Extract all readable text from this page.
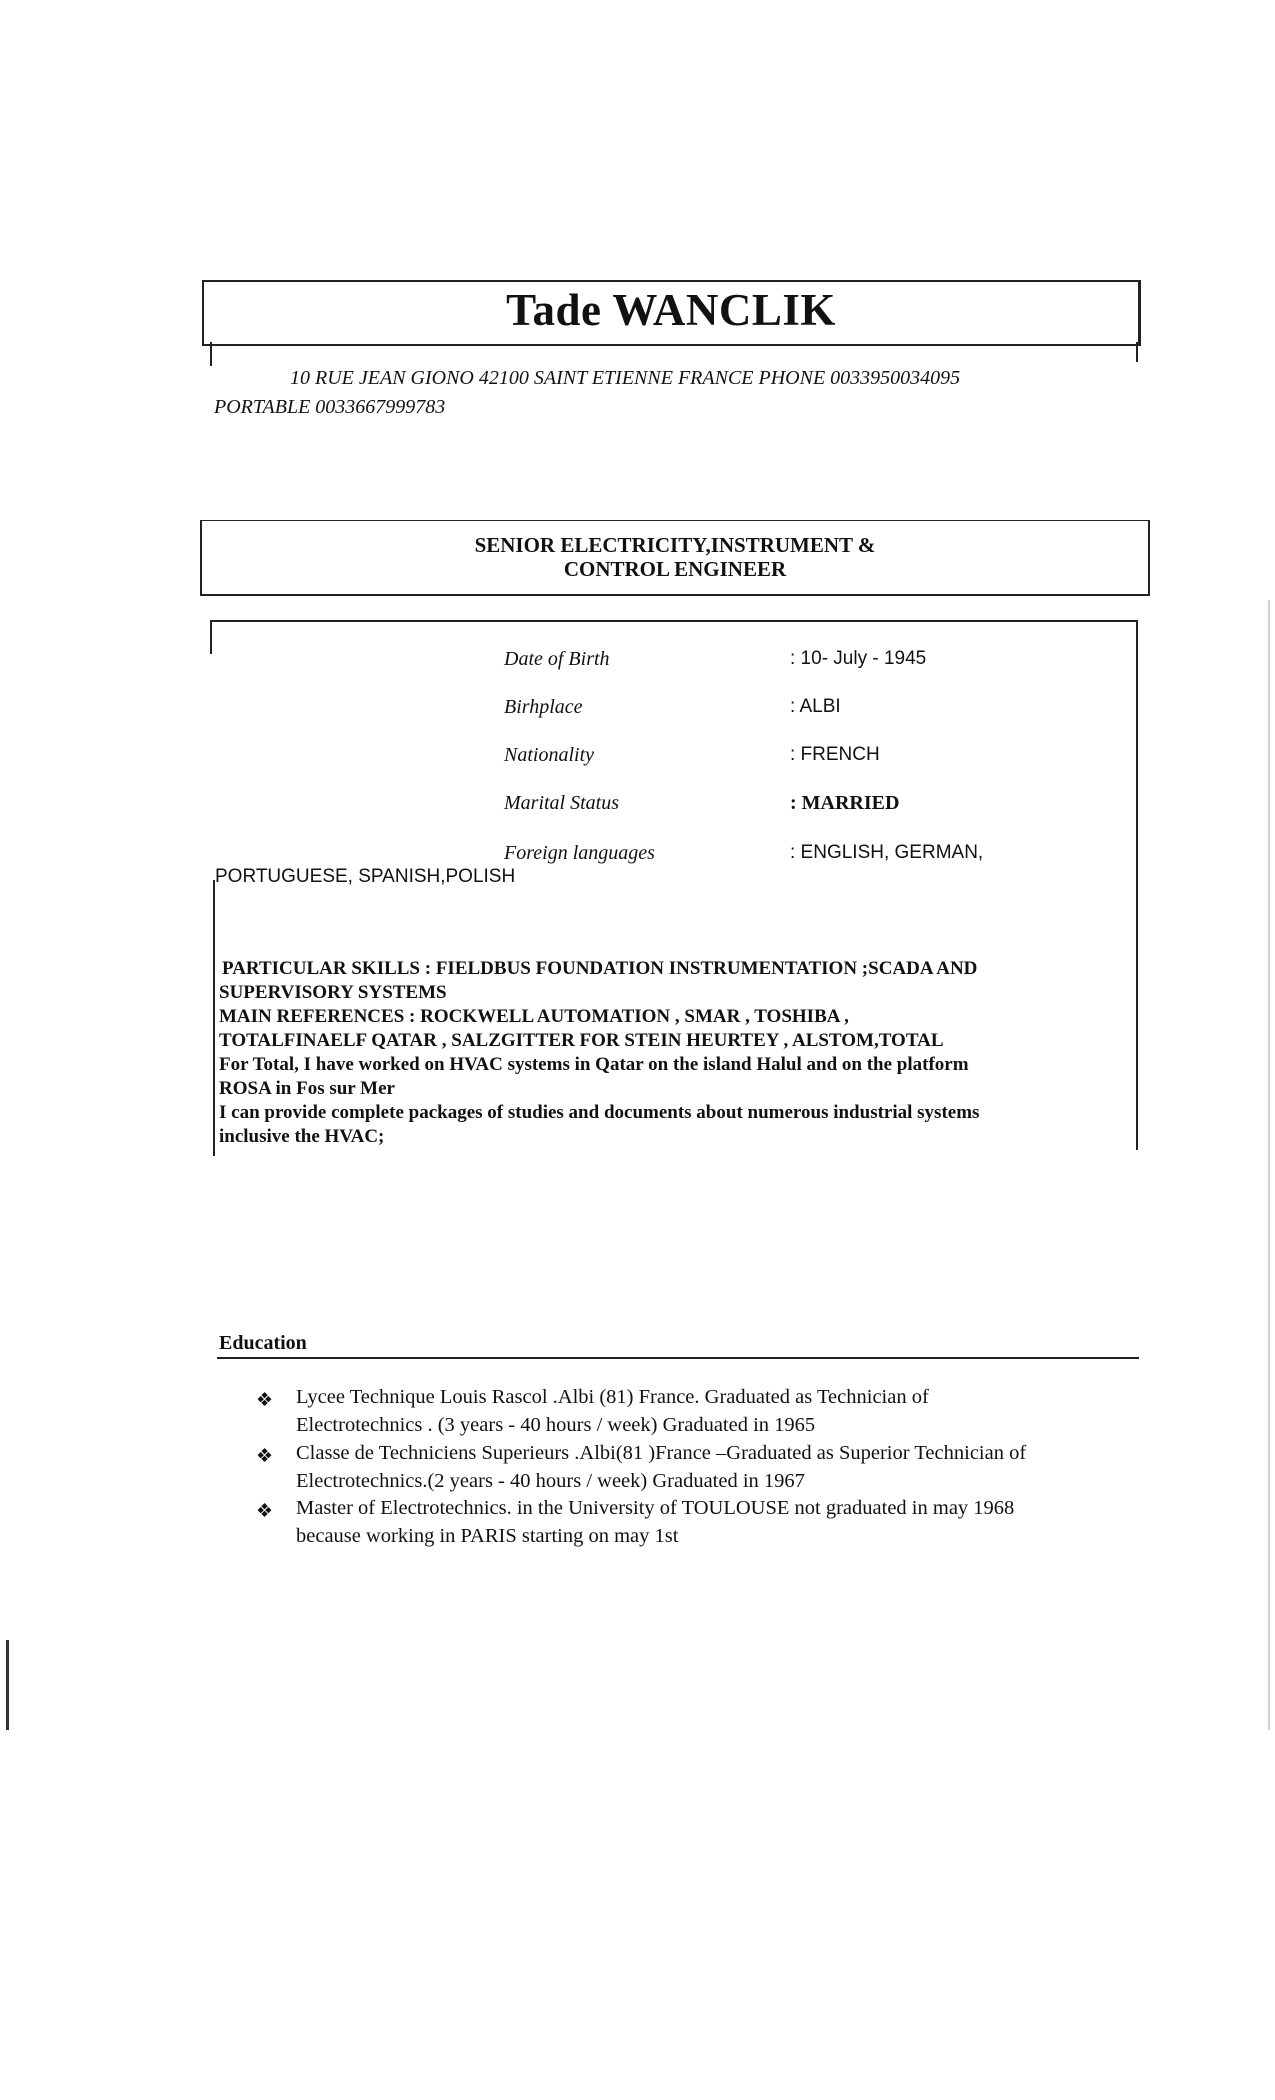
Tade WANCLIK
10 RUE JEAN GIONO 42100 SAINT ETIENNE FRANCE PHONE 0033950034095
PORTABLE 0033667999783
SENIOR ELECTRICITY,INSTRUMENT &
CONTROL ENGINEER
Date of Birth	: 10- July - 1945
Birhplace	: ALBI
Nationality	: FRENCH
Marital Status	: MARRIED
Foreign languages	: ENGLISH, GERMAN,
PORTUGUESE, SPANISH,POLISH
PARTICULAR SKILLS : FIELDBUS FOUNDATION INSTRUMENTATION ;SCADA AND
SUPERVISORY SYSTEMS
MAIN REFERENCES : ROCKWELL AUTOMATION , SMAR , TOSHIBA ,
TOTALFINAELF QATAR , SALZGITTER FOR STEIN HEURTEY , ALSTOM,TOTAL
For Total, I have worked on HVAC systems in Qatar on the island Halul and on the platform
ROSA in Fos sur Mer
I can provide complete packages of studies and documents about numerous industrial systems
inclusive the HVAC;
Education
❖ Lycee Technique Louis Rascol .Albi (81) France. Graduated as Technician of
Electrotechnics . (3 years - 40 hours / week) Graduated in 1965
❖ Classe de Techniciens Superieurs .Albi(81 )France –Graduated as Superior Technician of
Electrotechnics.(2 years - 40 hours / week) Graduated in 1967
❖ Master of Electrotechnics. in the University of TOULOUSE not graduated in may 1968
because working in PARIS starting on may 1st
